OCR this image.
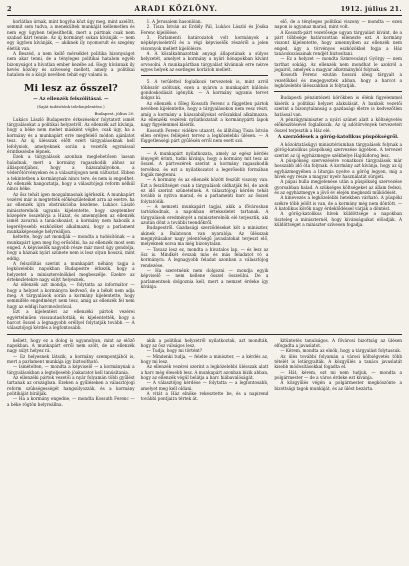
2	ARADI KÖZLÖNY.	1912. július 21.

korlátlan úrnak, mint hogyha közt úgy meg, mint azelőtt, semmit sem tudva, a menekültek munkáját kellemetlen és nem egy ügyben teljesíthetik, mert a pártnak csak nem szabad kárt tennie. Az új kormányt sokan kívánják — nem egy ügyben kívánják, — akiknek ily nyomorult és szegény életük van.

A Beszéd, a nem kellő mérséklet politika bizonyságot nem akar tenni, de a tényleges politikai hatalom egyéb bizonyságot a hívatlan ember kezébe ad. Hogy kívánnak ily kevés közöny és szívesség mellett, amely a politikai hatalom és a közjó nevében tehát egy valami is.

Mi lesz az ősszel?
— Az ellenzék felszólításai. —
(Saját tudósítónk telefonjelentése.)
Budapest, július 20.

Lukács László Budapestre érkezésekor folytatott ismét tárgyalásokat a politikai helyzetről. Az ellenzék azt kívánja, hogy a béke nem mehet másként végbe, csak úgy, ha a kormány és a munkapárt erre megfelelő módon ajánlatot tesz. Az új ülésszak előtt ezért tárgyalásoknak kell lefolyniok, amelyeknek során a vezetők egymással érintkezésbe lépnek.

Ezek a tárgyalások azonban meglehetősen lassan haladnak, mert a kormány ragaszkodik ahhoz az álláspontjához, hogy a házszabályokon, a véderőtörvényeken és a választójogon nem változtat. Ebben a tekintetben a kormánynak nincs tere, és nem is engedhet. Az ellenzék hangoztatja, hogy a választójogi reform nélkül nincs béke.

Az ősz tehát igen mozgalmasnak ígérkezik. A munkapárt vezérei már is megtették előkészületeiket arra az esetre, ha az ellenzék újra obstrukcióba kezdene. Lukács László miniszterelnök ugyanis kijelentette, hogy szeptember közepére összehívja a Házat, és amennyiben az ellenzék ismét zavarná a tanácskozást, a kormány nem habozik a legerélyesebb eszközöket alkalmazni, hogy a parlament munkaképessége helyreálljon.

keltette, hogy azt mondják — mondta a tudósítónak — a munkapárt igen meg fog erősödni, ha az ellenzék most sem enged. A képviselők nagyobb része már most úgy gondolja, hogy a háznak nyári szünete nem is lesz olyan hosszú, mint eddig.

A felszólítás szerint a munkapárt néhány tagja a legközelebbi napokban Budapestre érkezik, hogy a helyzetet a miniszterelnökkel megbeszélje. Ezekre az értekezletekre nagy súlyt helyeznek.

Az ellenzék azt mondja, — folytatta az informátor — hogy a helyzet a kormányra kedvező, de a békét nem adja meg. A tárgyalások során a kormány kijelentette, hogy semmiféle engedményt nem tesz, amíg az ellenzék fel nem hagy az eddigi harcmodorával.

Ezt a kijelentést az ellenzéki pártok vezérei egyértelműen visszautasították, és kijelentették, hogy a harcot ősszel a legnagyobb eréllyel folytatják tovább. — A választójogi kérdés a legfontosabb.

1. A Jerusalem hasonlóan.

2. Tisza István az Erdély Pál, Lukács László és Jósika Ferenc kijelölése.

3. Parlamenti határozatok volt kormányok a népképviseletről és a régi képviselők részéről a jelen viszonyok mellett kijelölésre.

4. A közalkalmazottak anyagi állapotának a súlyos helyzetét, amelyet a kormány a nyári hónapokban kívánt orvosolni. A munkapártban tárgyalást kívánnak erre nézve egyes helyek az esetleges korlátok mellett.

5. A területtel foglalkozó tervezetek is, mint arról többször szóltunk, ezen a nyáron a munkapárt különös gondoskodását igénylik. — A kormány ugyanis tervet dolgoz ki.

Az ellenzék s főleg Kossuth Ferenc a független pártok nevében kijelentette, hogy a tárgyalásokon nem vesz részt, amíg a kormány a házszabályokat erőszakkal alkalmazza. Az ellenzéki vezérek nyilatkozatait a kormánypárti lapok nagy figyelemmel kísérik.

Kossuth Ferenc vidékre utazott, és állítólag Tisza István ellen erélyes fellépést tervez a legközelebbi ülésen. — A függetlenségi párt gyűlésén erről nem esett szó.

— A munkapárt nyilatkozata, amely az egész kérdés lényegét érinti, tudni kívánja, hogy a kormány mit tesz az ősszel. A pártvezérek szerint a kormány ragaszkodik tervéhez, és ezt a nyilatkozatot a legerősebb formában fogják megtenni.

— A kormány és az ellenzék között feszült viszony van. Ezt a feszültséget csak a tárgyalások oldhatják fel, de azok ez idő szerint szünetelnek. A választójogi kérdés tehát tovább is nyitva marad, és a parlamenti harc az ősszel folytatódik.

— A nemzeti munkapárt tagjai, akik a fővárosban tartózkodnak, a napokban értekezletet tartanak. A tárgyalások eredményét a miniszterelnök elé terjesztik, aki azután dönt a további teendőkről.

Budapestről. Gazdasági szerződéseket köt a miniszter, akinek a Balatonon van nyaralója. Az ülésszak megnyitásakor nagy jelentőségű javaslatokat terjeszt elő, melyeknek sorsa ma még bizonytalan.

— Tavasz lesz ez, mondta a hivatalos lap, — és lesz az ősz is. Mindkét évszak más és más feladatot ró a kormányra. A legnagyobb feladat azonban a választójog rendezése.

— Ha szeretnénk nem dolgozni — mondja egyik képviselő — nem kellene ősszel összeülni. De a parlamentnek dolgoznia kell, mert a nemzet érdeke így kívánja.

elő, de a tényleges politikai viszony — mondta — ezen napon is ugyanaz marad, mint volt.

A Kossuth-párt vezetősége ugyan tárgyalást kívánt, de a párt többsége határozottan ellenezte ezt. A kormány viszont kijelentette, hogy amennyiben az ellenzék nem enged, úgy a törvényes eszközökkel fogja a Ház tanácskozásainak rendjét biztosítani.

— Ez a helyzet — mondta Szmrecsányi György — nem tarthat sokáig. Az ellenzék nem mondhat le azokról a jogairól, amelyek a magyar alkotmányból folynak.

Kossuth Ferenc ezután hosszú ideig tárgyalt a vezetőkkel és megegyeztek abban, hogy a harcot a legközelebbi ülésszakban is folytatják.

Budapesti pénzintézeti körökben is élénk figyelemmel kísérik a politikai helyzet alakulását. A bankok vezetői szerint a bizonytalanság a gazdasági életre is kedvezőtlen hatással van.

A pénzügyminiszter a nyári szünet alatt a költségvetés előkészítésével foglalkozik. Az új adótörvények tervezeteit ősszel terjesztik a Ház elé.

A szerződések a görög-katolikus püspökségről.

A közoktatásügyi minisztériumban tárgyalások folynak a görög-katolikus püspökség szervezése ügyében. A tervezet szerint az új egyházmegye székhelye Hajdúdorog lesz.

A püspökség szervezésére vonatkozó tárgyalások már hosszabb idő óta folynak. A kormány azt kívánja, hogy az új egyházmegyében a liturgia nyelve a görög legyen, míg a hívek egy része a magyar nyelv használatát sürgeti.

A pápai bulla megjelenése után a püspökség szervezése gyorsabban halad. A szükséges költségeket az állam fedezi, és az egyházmegye a jövő év elején megkezdi működését.

A kinevezés a legközelebbi hetekben várható. A püspöki székre több jelölt is van, de a kormány még nem döntött. — A katolikus körök nagy érdeklődéssel várják a döntést.

A görög-katolikus hívek küldöttsége a napokban tiszteleg a miniszternél, hogy kívánságaikat előadják. A küldöttséget a miniszter szívesen fogadja.

kellett, hogy ez a dolog is ugyanolyan, mint az előző napokban. A munkapárt erről nem szólt, de az ellenzék nagy súlyt helyez rá.

— Ez helyesnek látszik, a kormány szempontjából is, mert a parlament munkája így biztosítható.

— Ismételten, — mondta a képviselő — a kormánynak a tárgyalásokban a legteljesebb jóakaratot kell tanúsítania.

Az ellenzéki pártok vezetői a nyár folyamán több gyűlést tartanak az országban. Ezeken a gyűléseken a választójogi reform szükségességét hangsúlyozzák, és a kormány politikáját bírálják.

— Ha a kormány engedne, — mondta Kossuth Ferenc — a béke rögtön helyreállna.

akik a politikai helyzetről nyilatkoztak, azt mondták, hogy az ősz válságos lesz.

— Tudja, hogy mi történt?

— Mindenki tudja, — felelte a miniszter, — a kérdés az, hogy mi lesz.

Az ellenzék vezérei szerint a legközelebbi ülésszak alatt a harc még élesebb lesz. A munkapárt azonban bízik abban, hogy az ellenzék végül belátja a harc hiábavalóságát.

— A választójog kérdése — folytatta — a legfontosabb, amelyet meg kell oldani.

A vitát a Ház elnöke rekesztette be, és a napirend további pontjaira tértek át.

kitüntetés tanulságos. A fővárosi bizottság az ülésen elfogadta a javaslatot.

— Kérem, mondta az elnök, hogy a tárgyalást folytassuk.

Az ülés további folyamán a városi költségvetés több tételét is letárgyalták. A közgyűlés a tanács javaslatát kisebb módosításokkal fogadta el.

— Hát, kérem, ezt mi nem tudjuk, — mondta a polgármester — de a város érdeke ezt kívánja.

A közgyűlés végén a polgármester megköszönte a bizottsági tagok munkáját, és az ülést bezárta.
